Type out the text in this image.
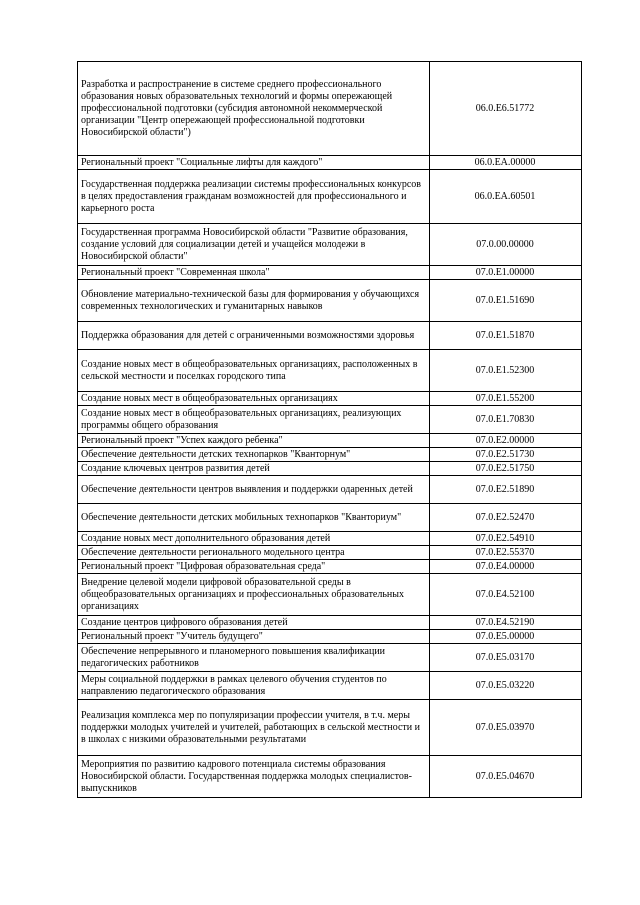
Разработка и распространение в системе среднего профессионального образования новых образовательных технологий и формы опережающей профессиональной подготовки (субсидия автономной некоммерческой организации "Центр опережающей профессиональной подготовки Новосибирской области")	06.0.E6.51772
Региональный проект "Социальные лифты для каждого"	06.0.EA.00000
Государственная поддержка реализации системы профессиональных конкурсов в целях предоставления гражданам возможностей для профессионального и карьерного роста	06.0.EA.60501
Государственная программа Новосибирской области "Развитие образования, создание условий для социализации детей и учащейся молодежи в Новосибирской области"	07.0.00.00000
Региональный проект "Современная школа"	07.0.E1.00000
Обновление материально-технической базы для формирования у обучающихся современных технологических и гуманитарных навыков	07.0.E1.51690
Поддержка образования для детей с ограниченными возможностями здоровья	07.0.E1.51870
Создание новых мест в общеобразовательных организациях, расположенных в сельской местности и поселках городского типа	07.0.E1.52300
Создание новых мест в общеобразовательных организациях	07.0.E1.55200
Создание новых мест в общеобразовательных организациях, реализующих программы общего образования	07.0.E1.70830
Региональный проект "Успех каждого ребенка"	07.0.E2.00000
Обеспечение деятельности детских технопарков "Кванторнум"	07.0.E2.51730
Создание ключевых центров развития детей	07.0.E2.51750
Обеспечение деятельности центров выявления и поддержки одаренных детей	07.0.E2.51890
Обеспечение деятельности детских мобильных технопарков "Кванториум"	07.0.E2.52470
Создание новых мест дополнительного образования детей	07.0.E2.54910
Обеспечение деятельности регионального модельного центра	07.0.E2.55370
Региональный проект "Цифровая образовательная среда"	07.0.E4.00000
Внедрение целевой модели цифровой образовательной среды в общеобразовательных организациях и профессиональных образовательных организациях	07.0.E4.52100
Создание центров цифрового образования детей	07.0.E4.52190
Региональный проект "Учитель будущего"	07.0.E5.00000
Обеспечение непрерывного и планомерного повышения квалификации педагогических работников	07.0.E5.03170
Меры социальной поддержки в рамках целевого обучения студентов по направлению педагогического образования	07.0.E5.03220
Реализация комплекса мер по популяризации профессии учителя, в т.ч. меры поддержки молодых учителей и учителей, работающих в сельской местности и в школах с низкими образовательными результатами	07.0.E5.03970
Мероприятия по развитию кадрового потенциала системы образования Новосибирской области. Государственная поддержка молодых специалистов-выпускников	07.0.E5.04670
